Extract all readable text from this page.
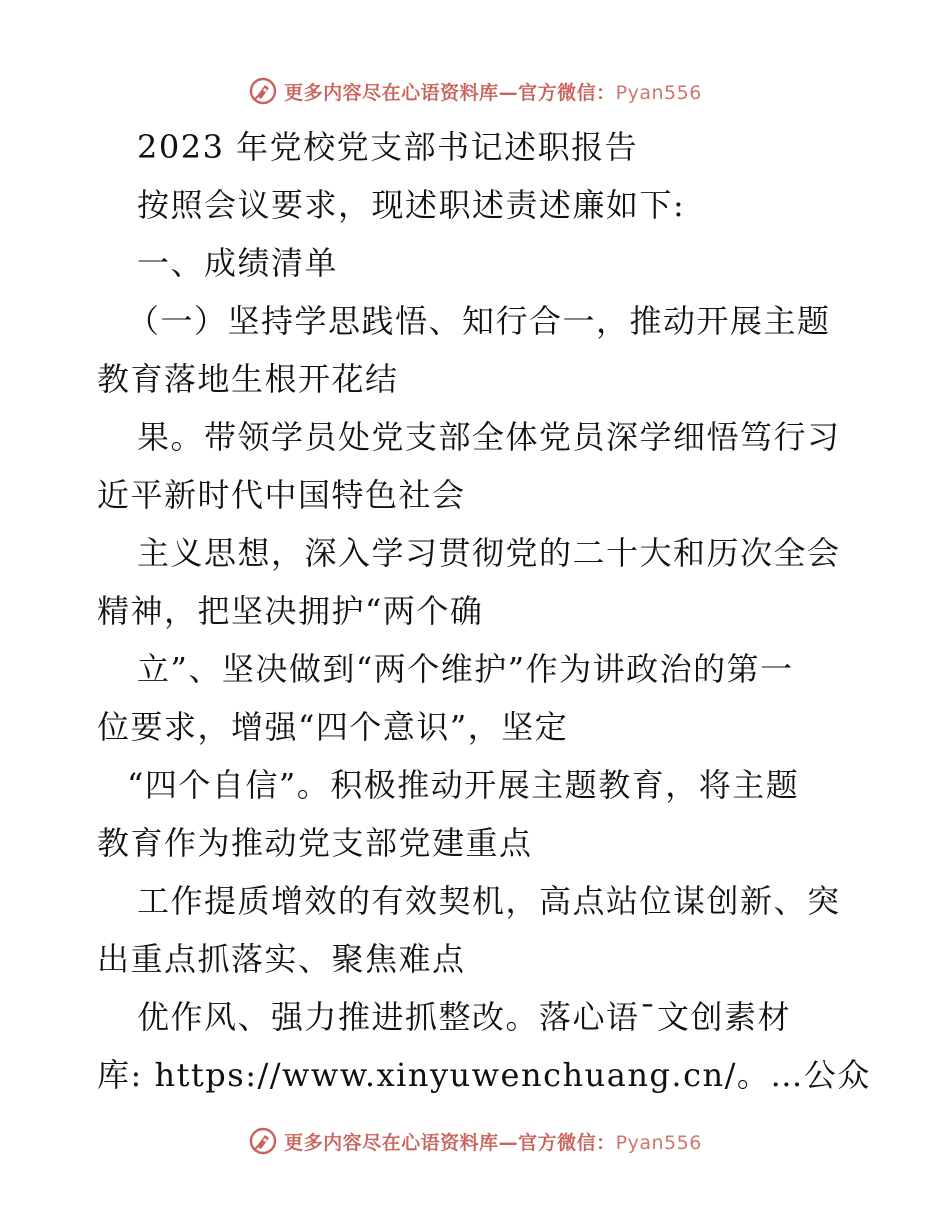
更多内容尽在心语资料库—官方微信：Pyan556
2023 年党校党支部书记述职报告
按照会议要求，现述职述责述廉如下:
一、成绩清单
（一）坚持学思践悟、知行合一，推动开展主题
教育落地生根开花结
果。带领学员处党支部全体党员深学细悟笃行习
近平新时代中国特色社会
主义思想，深入学习贯彻党的二十大和历次全会
精神，把坚决拥护“两个确
立”、坚决做到“两个维护”作为讲政治的第一
位要求，增强“四个意识”，坚定
“四个自信”。积极推动开展主题教育，将主题
教育作为推动党支部党建重点
工作提质增效的有效契机，高点站位谋创新、突
出重点抓落实、聚焦难点
优作风、强力推进抓整改。落心语¯文创素材
库: https://www.xinyuwenchuang.cn/。…公众
更多内容尽在心语资料库—官方微信：Pyan556
